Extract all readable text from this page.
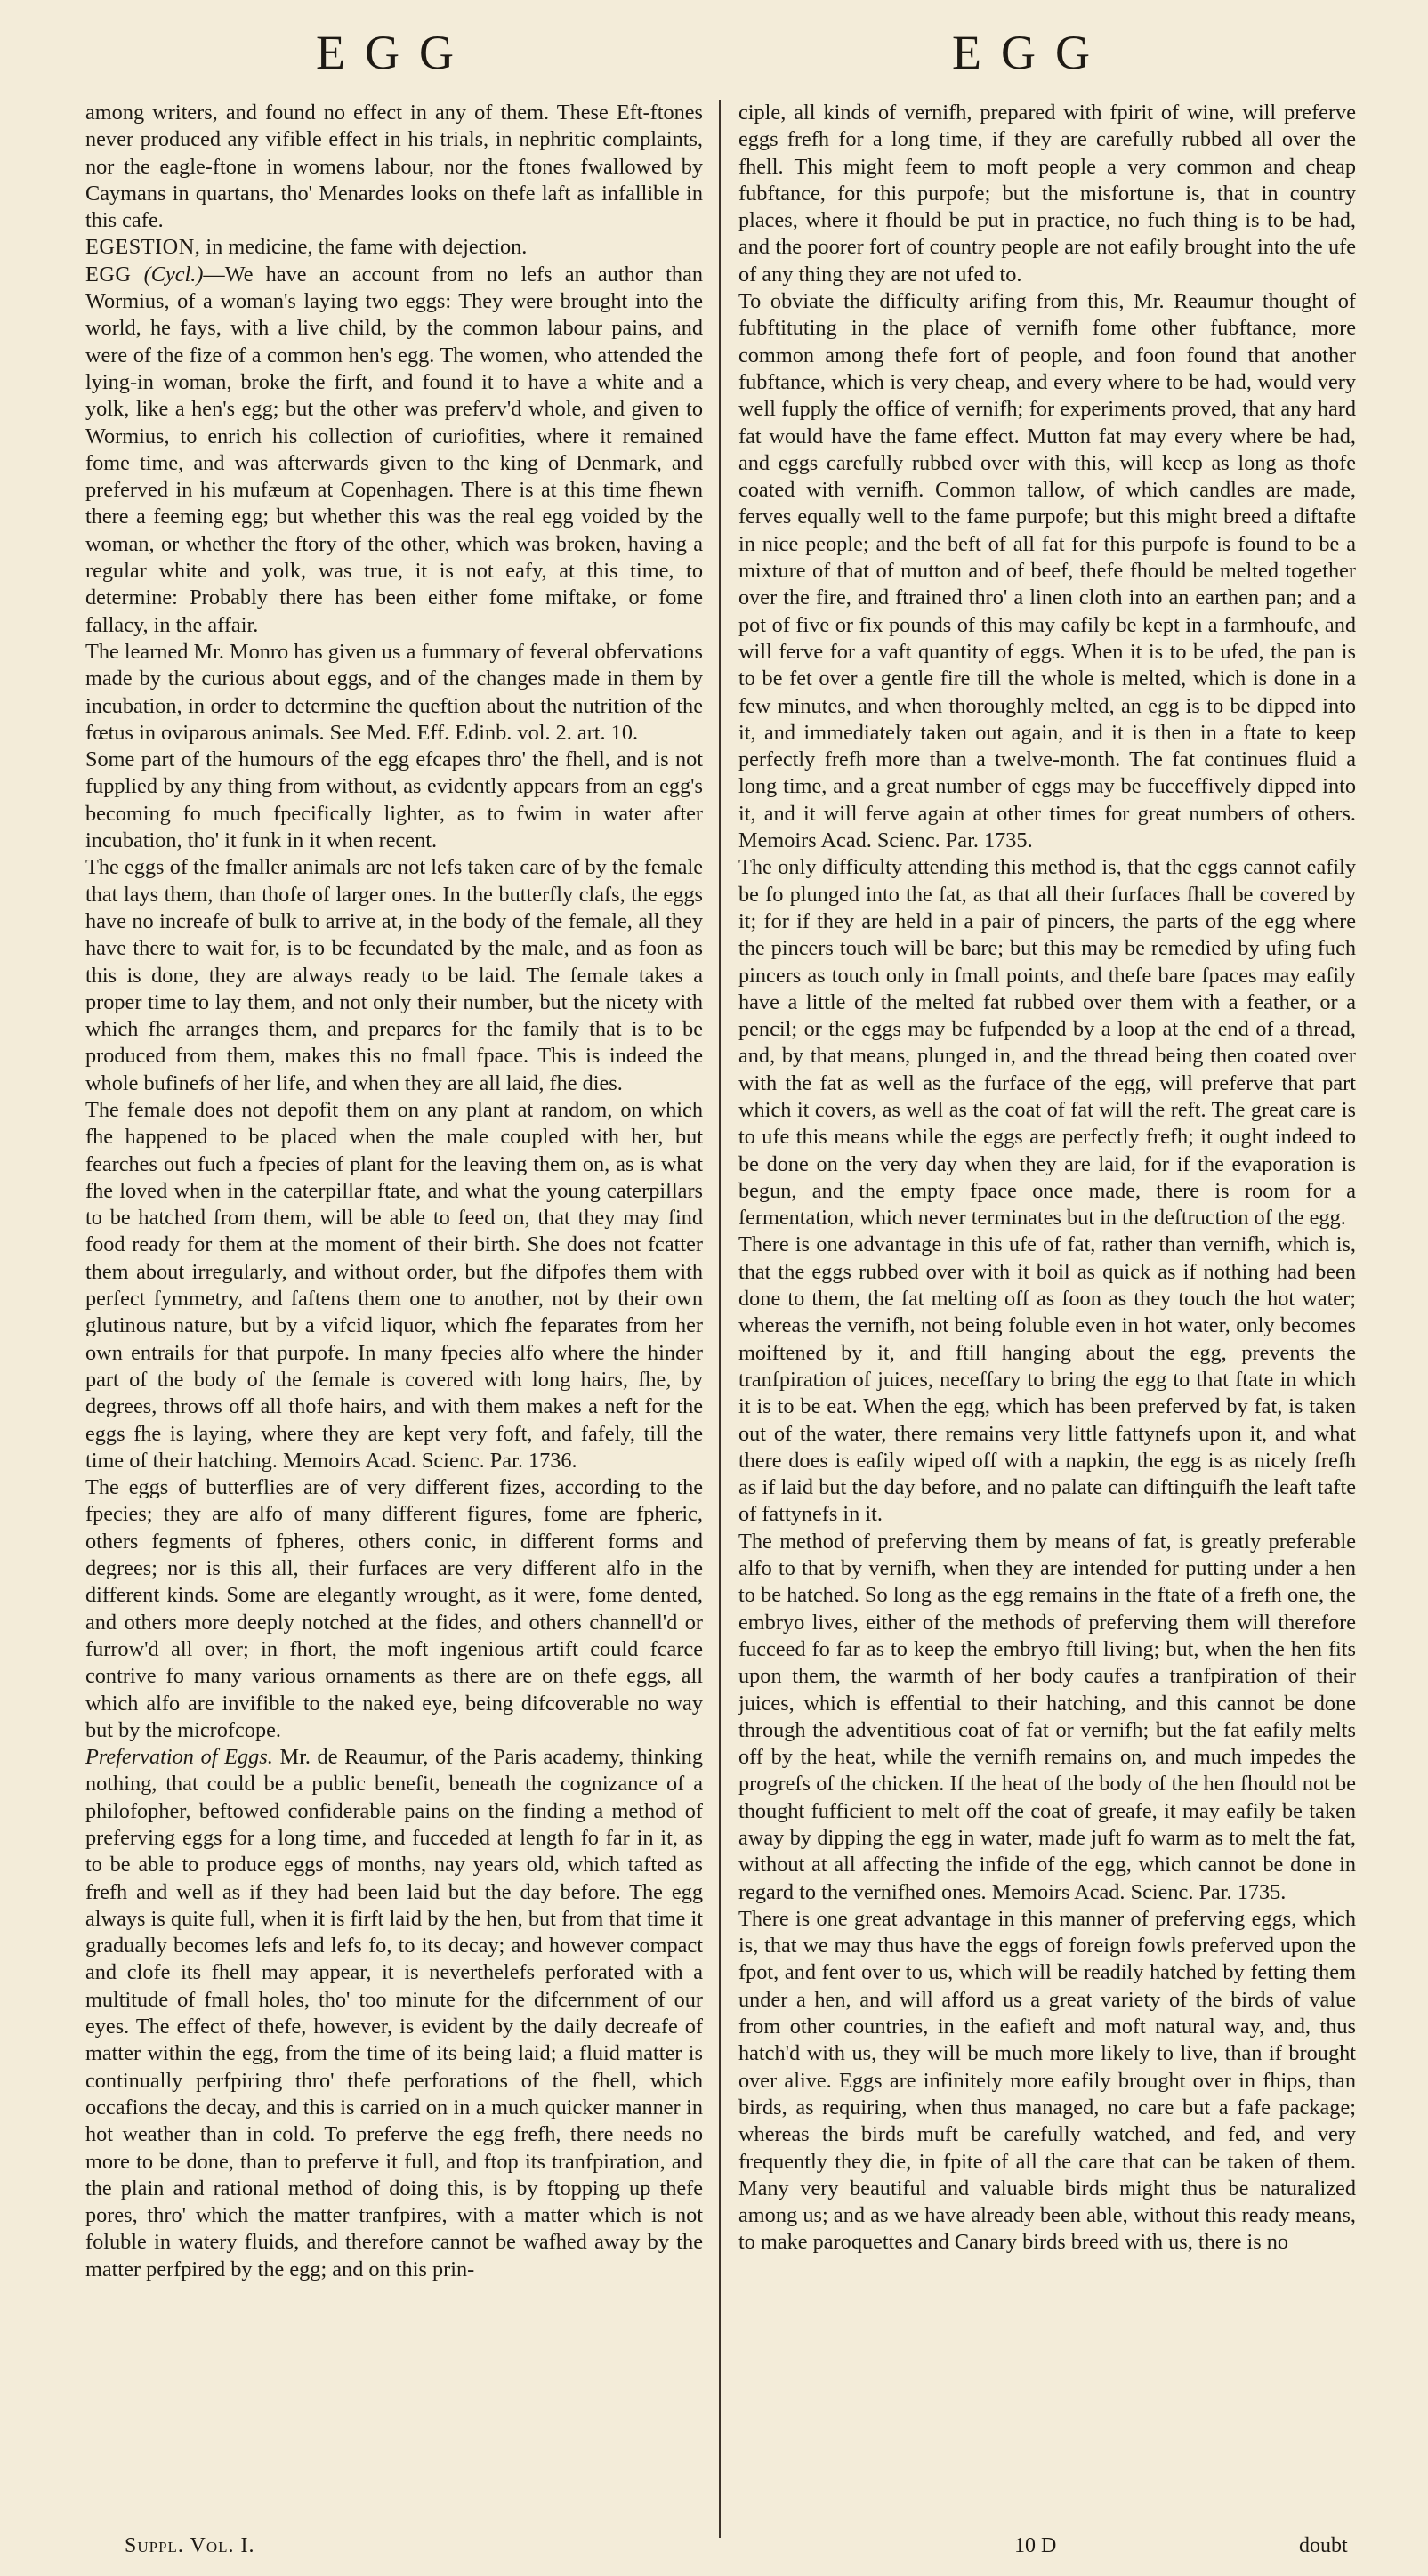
EGG	EGG

among writers, and found no effect in any of them. These Eft-ftones never produced any vifible effect in his trials, in nephritic complaints, nor the eagle-ftone in womens labour, nor the ftones fwallowed by Caymans in quartans, tho' Menardes looks on thefe laft as infallible in this cafe.

EGESTION, in medicine, the fame with dejection.

EGG (Cycl.)—We have an account from no lefs an author than Wormius, of a woman's laying two eggs: They were brought into the world, he fays, with a live child, by the common labour pains, and were of the fize of a common hen's egg. The women, who attended the lying-in woman, broke the firft, and found it to have a white and a yolk, like a hen's egg; but the other was preferv'd whole, and given to Wormius, to enrich his collection of curiofities, where it remained fome time, and was afterwards given to the king of Denmark, and preferved in his mufæum at Copenhagen. There is at this time fhewn there a feeming egg; but whether this was the real egg voided by the woman, or whether the ftory of the other, which was broken, having a regular white and yolk, was true, it is not eafy, at this time, to determine: Probably there has been either fome miftake, or fome fallacy, in the affair.

The learned Mr. Monro has given us a fummary of feveral obfervations made by the curious about eggs, and of the changes made in them by incubation, in order to determine the queftion about the nutrition of the fœtus in oviparous animals. See Med. Eff. Edinb. vol. 2. art. 10.

Some part of the humours of the egg efcapes thro' the fhell, and is not fupplied by any thing from without, as evidently appears from an egg's becoming fo much fpecifically lighter, as to fwim in water after incubation, tho' it funk in it when recent.

The eggs of the fmaller animals are not lefs taken care of by the female that lays them, than thofe of larger ones. In the butterfly clafs, the eggs have no increafe of bulk to arrive at, in the body of the female, all they have there to wait for, is to be fecundated by the male, and as foon as this is done, they are always ready to be laid. The female takes a proper time to lay them, and not only their number, but the nicety with which fhe arranges them, and prepares for the family that is to be produced from them, makes this no fmall fpace. This is indeed the whole bufinefs of her life, and when they are all laid, fhe dies.

The female does not depofit them on any plant at random, on which fhe happened to be placed when the male coupled with her, but fearches out fuch a fpecies of plant for the leaving them on, as is what fhe loved when in the caterpillar ftate, and what the young caterpillars to be hatched from them, will be able to feed on, that they may find food ready for them at the moment of their birth. She does not fcatter them about irregularly, and without order, but fhe difpofes them with perfect fymmetry, and faftens them one to another, not by their own glutinous nature, but by a vifcid liquor, which fhe feparates from her own entrails for that purpofe. In many fpecies alfo where the hinder part of the body of the female is covered with long hairs, fhe, by degrees, throws off all thofe hairs, and with them makes a neft for the eggs fhe is laying, where they are kept very foft, and fafely, till the time of their hatching. Memoirs Acad. Scienc. Par. 1736.

The eggs of butterflies are of very different fizes, according to the fpecies; they are alfo of many different figures, fome are fpheric, others fegments of fpheres, others conic, in different forms and degrees; nor is this all, their furfaces are very different alfo in the different kinds. Some are elegantly wrought, as it were, fome dented, and others more deeply notched at the fides, and others channell'd or furrow'd all over; in fhort, the moft ingenious artift could fcarce contrive fo many various ornaments as there are on thefe eggs, all which alfo are invifible to the naked eye, being difcoverable no way but by the microfcope.

Prefervation of Eggs. Mr. de Reaumur, of the Paris academy, thinking nothing, that could be a public benefit, beneath the cognizance of a philofopher, beftowed confiderable pains on the finding a method of preferving eggs for a long time, and fucceded at length fo far in it, as to be able to produce eggs of months, nay years old, which tafted as frefh and well as if they had been laid but the day before. The egg always is quite full, when it is firft laid by the hen, but from that time it gradually becomes lefs and lefs fo, to its decay; and however compact and clofe its fhell may appear, it is neverthelefs perforated with a multitude of fmall holes, tho' too minute for the difcernment of our eyes. The effect of thefe, however, is evident by the daily decreafe of matter within the egg, from the time of its being laid; a fluid matter is continually perfpiring thro' thefe perforations of the fhell, which occafions the decay, and this is carried on in a much quicker manner in hot weather than in cold. To preferve the egg frefh, there needs no more to be done, than to preferve it full, and ftop its tranfpiration, and the plain and rational method of doing this, is by ftopping up thefe pores, thro' which the matter tranfpires, with a matter which is not foluble in watery fluids, and therefore cannot be wafhed away by the matter perfpired by the egg; and on this prin-

ciple, all kinds of vernifh, prepared with fpirit of wine, will preferve eggs frefh for a long time, if they are carefully rubbed all over the fhell. This might feem to moft people a very common and cheap fubftance, for this purpofe; but the misfortune is, that in country places, where it fhould be put in practice, no fuch thing is to be had, and the poorer fort of country people are not eafily brought into the ufe of any thing they are not ufed to.

To obviate the difficulty arifing from this, Mr. Reaumur thought of fubftituting in the place of vernifh fome other fubftance, more common among thefe fort of people, and foon found that another fubftance, which is very cheap, and every where to be had, would very well fupply the office of vernifh; for experiments proved, that any hard fat would have the fame effect. Mutton fat may every where be had, and eggs carefully rubbed over with this, will keep as long as thofe coated with vernifh. Common tallow, of which candles are made, ferves equally well to the fame purpofe; but this might breed a diftafte in nice people; and the beft of all fat for this purpofe is found to be a mixture of that of mutton and of beef, thefe fhould be melted together over the fire, and ftrained thro' a linen cloth into an earthen pan; and a pot of five or fix pounds of this may eafily be kept in a farmhoufe, and will ferve for a vaft quantity of eggs. When it is to be ufed, the pan is to be fet over a gentle fire till the whole is melted, which is done in a few minutes, and when thoroughly melted, an egg is to be dipped into it, and immediately taken out again, and it is then in a ftate to keep perfectly frefh more than a twelve-month. The fat continues fluid a long time, and a great number of eggs may be fucceffively dipped into it, and it will ferve again at other times for great numbers of others. Memoirs Acad. Scienc. Par. 1735.

The only difficulty attending this method is, that the eggs cannot eafily be fo plunged into the fat, as that all their furfaces fhall be covered by it; for if they are held in a pair of pincers, the parts of the egg where the pincers touch will be bare; but this may be remedied by ufing fuch pincers as touch only in fmall points, and thefe bare fpaces may eafily have a little of the melted fat rubbed over them with a feather, or a pencil; or the eggs may be fufpended by a loop at the end of a thread, and, by that means, plunged in, and the thread being then coated over with the fat as well as the furface of the egg, will preferve that part which it covers, as well as the coat of fat will the reft. The great care is to ufe this means while the eggs are perfectly frefh; it ought indeed to be done on the very day when they are laid, for if the evaporation is begun, and the empty fpace once made, there is room for a fermentation, which never terminates but in the deftruction of the egg.

There is one advantage in this ufe of fat, rather than vernifh, which is, that the eggs rubbed over with it boil as quick as if nothing had been done to them, the fat melting off as foon as they touch the hot water; whereas the vernifh, not being foluble even in hot water, only becomes moiftened by it, and ftill hanging about the egg, prevents the tranfpiration of juices, neceffary to bring the egg to that ftate in which it is to be eat. When the egg, which has been preferved by fat, is taken out of the water, there remains very little fattynefs upon it, and what there does is eafily wiped off with a napkin, the egg is as nicely frefh as if laid but the day before, and no palate can diftinguifh the leaft tafte of fattynefs in it.

The method of preferving them by means of fat, is greatly preferable alfo to that by vernifh, when they are intended for putting under a hen to be hatched. So long as the egg remains in the ftate of a frefh one, the embryo lives, either of the methods of preferving them will therefore fucceed fo far as to keep the embryo ftill living; but, when the hen fits upon them, the warmth of her body caufes a tranfpiration of their juices, which is effential to their hatching, and this cannot be done through the adventitious coat of fat or vernifh; but the fat eafily melts off by the heat, while the vernifh remains on, and much impedes the progrefs of the chicken. If the heat of the body of the hen fhould not be thought fufficient to melt off the coat of greafe, it may eafily be taken away by dipping the egg in water, made juft fo warm as to melt the fat, without at all affecting the infide of the egg, which cannot be done in regard to the vernifhed ones. Memoirs Acad. Scienc. Par. 1735.

There is one great advantage in this manner of preferving eggs, which is, that we may thus have the eggs of foreign fowls preferved upon the fpot, and fent over to us, which will be readily hatched by fetting them under a hen, and will afford us a great variety of the birds of value from other countries, in the eafieft and moft natural way, and, thus hatch'd with us, they will be much more likely to live, than if brought over alive. Eggs are infinitely more eafily brought over in fhips, than birds, as requiring, when thus managed, no care but a fafe package; whereas the birds muft be carefully watched, and fed, and very frequently they die, in fpite of all the care that can be taken of them. Many very beautiful and valuable birds might thus be naturalized among us; and as we have already been able, without this ready means, to make paroquettes and Canary birds breed with us, there is no

Suppl. Vol. I.	10 D	doubt
